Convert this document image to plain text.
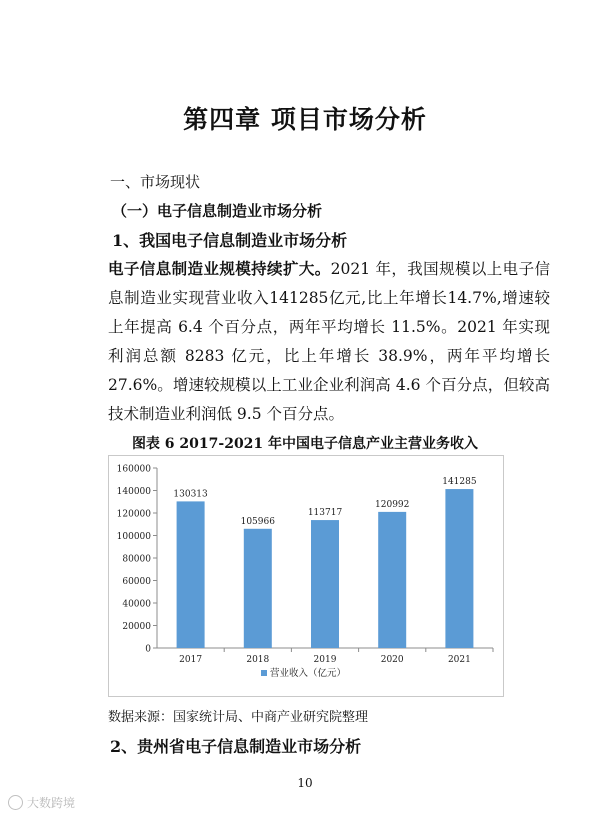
第四章 项目市场分析
一、市场现状
（一）电子信息制造业市场分析
1、我国电子信息制造业市场分析
电子信息制造业规模持续扩大。2021 年，我国规模以上电子信息制造业实现营业收入141285亿元,比上年增长14.7%,增速较上年提高 6.4 个百分点，两年平均增长 11.5%。2021 年实现利润总额 8283 亿元，比上年增长 38.9%，两年平均增长 27.6%。增速较规模以上工业企业利润高 4.6 个百分点，但较高技术制造业利润低 9.5 个百分点。
图表 6 2017-2021 年中国电子信息产业主营业务收入
0
20000
40000
60000
80000
100000
120000
140000
160000
130313
2017
105966
2018
113717
2019
120992
2020
141285
2021
营业收入（亿元）
数据来源：国家统计局、中商产业研究院整理
2、贵州省电子信息制造业市场分析
10
大数跨境
